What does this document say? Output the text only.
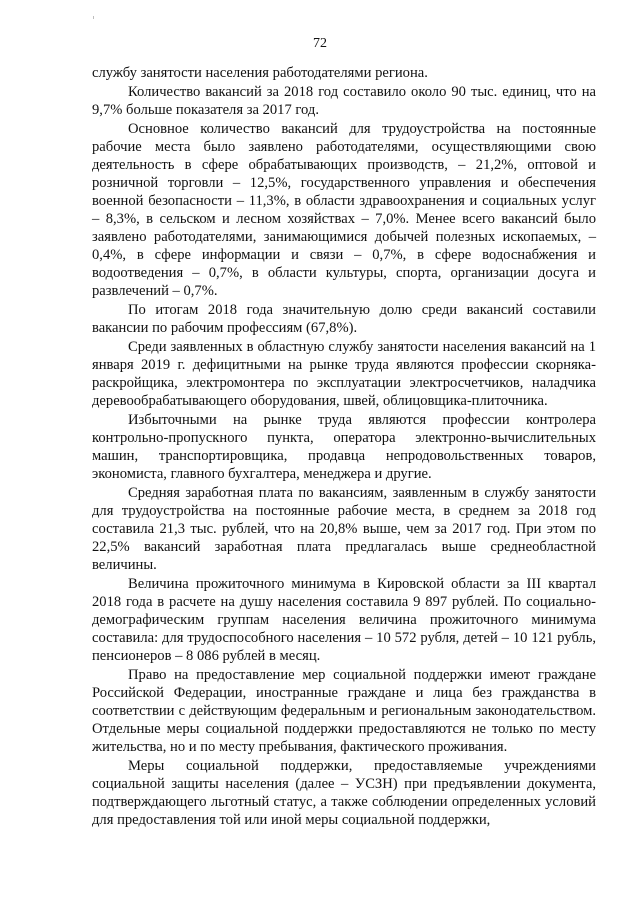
72

службу занятости населения работодателями региона.

Количество вакансий за 2018 год составило около 90 тыс. единиц, что на 9,7% больше показателя за 2017 год.

Основное количество вакансий для трудоустройства на постоянные рабочие места было заявлено работодателями, осуществляющими свою деятельность в сфере обрабатывающих производств, – 21,2%, оптовой и розничной торговли – 12,5%, государственного управления и обеспечения военной безопасности – 11,3%, в области здравоохранения и социальных услуг – 8,3%, в сельском и лесном хозяйствах – 7,0%. Менее всего вакансий было заявлено работодателями, занимающимися добычей полезных ископаемых, – 0,4%, в сфере информации и связи – 0,7%, в сфере водоснабжения и водоотведения – 0,7%, в области культуры, спорта, организации досуга и развлечений – 0,7%.

По итогам 2018 года значительную долю среди вакансий составили вакансии по рабочим профессиям (67,8%).

Среди заявленных в областную службу занятости населения вакансий на 1 января 2019 г. дефицитными на рынке труда являются профессии скорняка-раскройщика, электромонтера по эксплуатации электросчетчиков, наладчика деревообрабатывающего оборудования, швей, облицовщика-плиточника.

Избыточными на рынке труда являются профессии контролера контрольно-пропускного пункта, оператора электронно-вычислительных машин, транспортировщика, продавца непродовольственных товаров, экономиста, главного бухгалтера, менеджера и другие.

Средняя заработная плата по вакансиям, заявленным в службу занятости для трудоустройства на постоянные рабочие места, в среднем за 2018 год составила 21,3 тыс. рублей, что на 20,8% выше, чем за 2017 год. При этом по 22,5% вакансий заработная плата предлагалась выше среднеобластной величины.

Величина прожиточного минимума в Кировской области за III квартал 2018 года в расчете на душу населения составила 9 897 рублей. По социально-демографическим группам населения величина прожиточного минимума составила: для трудоспособного населения – 10 572 рубля, детей – 10 121 рубль, пенсионеров – 8 086 рублей в месяц.

Право на предоставление мер социальной поддержки имеют граждане Российской Федерации, иностранные граждане и лица без гражданства в соответствии с действующим федеральным и региональным законодательством. Отдельные меры социальной поддержки предоставляются не только по месту жительства, но и по месту пребывания, фактического проживания.

Меры социальной поддержки, предоставляемые учреждениями социальной защиты населения (далее – УСЗН) при предъявлении документа, подтверждающего льготный статус, а также соблюдении определенных условий для предоставления той или иной меры социальной поддержки,
